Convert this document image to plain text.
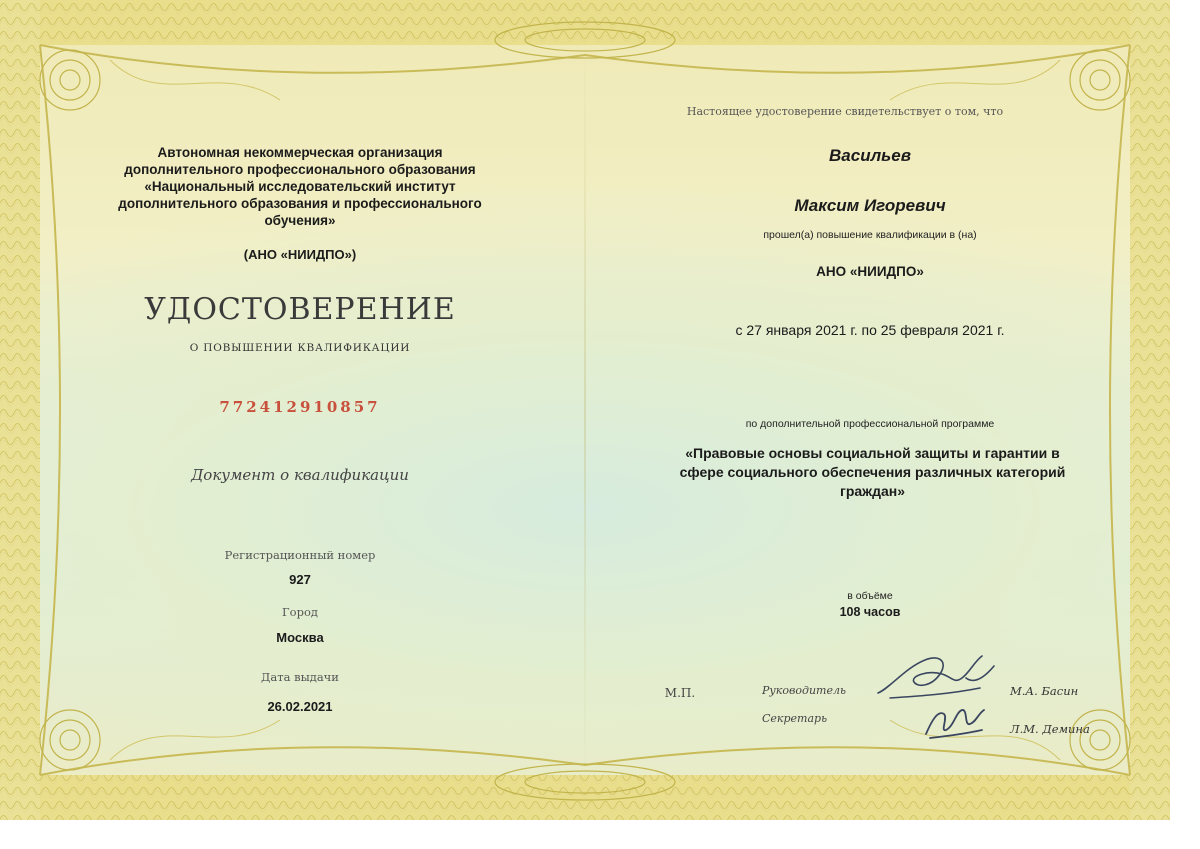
Автономная некоммерческая организация
дополнительного профессионального образования
«Национальный исследовательский институт
дополнительного образования и профессионального
обучения»
(АНО «НИИДПО»)
УДОСТОВЕРЕНИЕ
О ПОВЫШЕНИИ КВАЛИФИКАЦИИ
772412910857
Документ о квалификации
Регистрационный номер
927
Город
Москва
Дата выдачи
26.02.2021
Настоящее удостоверение свидетельствует о том, что
Васильев
Максим Игоревич
прошел(а) повышение квалификации в (на)
АНО «НИИДПО»
с 27 января 2021 г. по 25 февраля 2021 г.
по дополнительной профессиональной программе
«Правовые основы социальной защиты и гарантии в
сфере социального обеспечения различных категорий
граждан»
в объёме
108 часов
М.П.	Руководитель
Секретарь
М.А. Басин
Л.М. Демина
